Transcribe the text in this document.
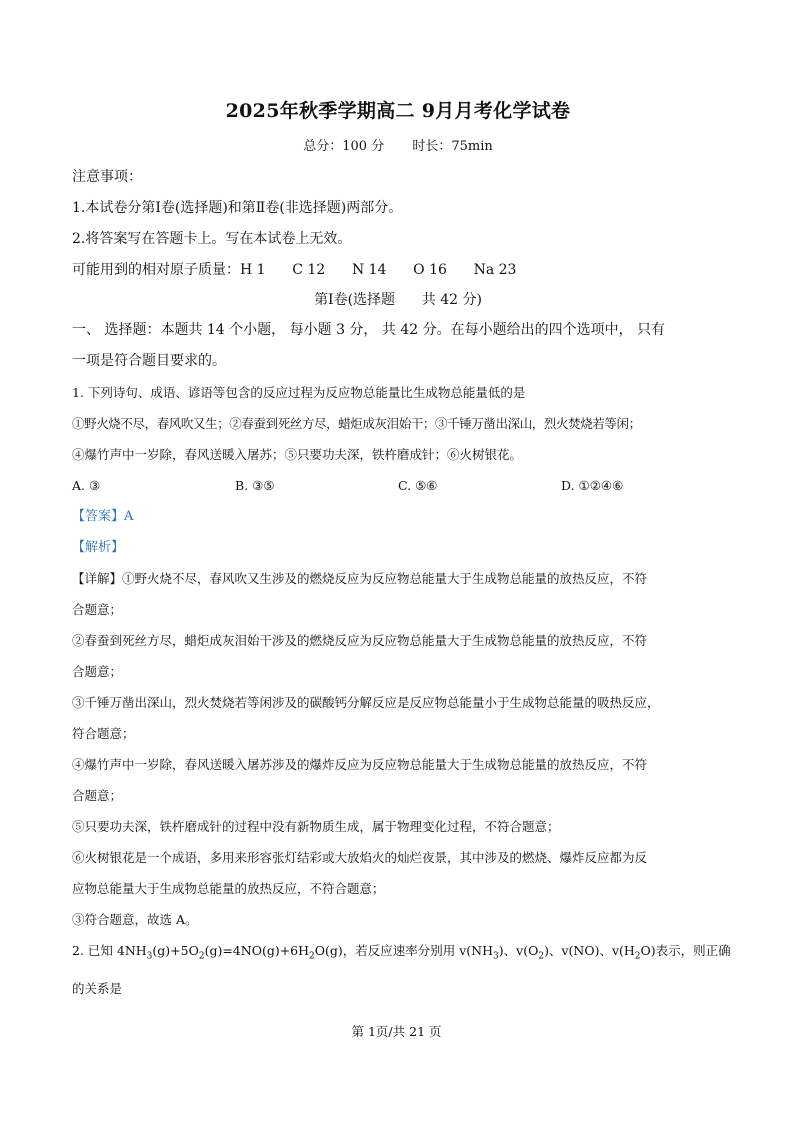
2025年秋季学期高二 9月月考化学试卷
总分：100 分 时长：75min
注意事项：
1.本试卷分第Ⅰ卷(选择题)和第Ⅱ卷(非选择题)两部分。
2.将答案写在答题卡上。写在本试卷上无效。
可能用到的相对原子质量：H 1      C 12      N 14      O 16      Na 23
第Ⅰ卷(选择题      共 42 分)
一、 选择题：本题共 14 个小题， 每小题 3 分， 共 42 分。在每小题给出的四个选项中， 只有
一项是符合题目要求的。
1. 下列诗句、成语、谚语等包含的反应过程为反应物总能量比生成物总能量低的是
①野火烧不尽，春风吹又生；②春蚕到死丝方尽，蜡炬成灰泪始干；③千锤万凿出深山，烈火焚烧若等闲；
④爆竹声中一岁除，春风送暖入屠苏；⑤只要功夫深，铁杵磨成针；⑥火树银花。
A. ③	B. ③⑤	C. ⑤⑥	D. ①②④⑥
【答案】A
【解析】
【详解】①野火烧不尽，春风吹又生涉及的燃烧反应为反应物总能量大于生成物总能量的放热反应，不符
合题意；
②春蚕到死丝方尽，蜡炬成灰泪始干涉及的燃烧反应为反应物总能量大于生成物总能量的放热反应，不符
合题意；
③千锤万凿出深山，烈火焚烧若等闲涉及的碳酸钙分解反应是反应物总能量小于生成物总能量的吸热反应，
符合题意；
④爆竹声中一岁除，春风送暖入屠苏涉及的爆炸反应为反应物总能量大于生成物总能量的放热反应，不符
合题意；
⑤只要功夫深，铁杵磨成针的过程中没有新物质生成，属于物理变化过程，不符合题意；
⑥火树银花是一个成语，多用来形容张灯结彩或大放焰火的灿烂夜景，其中涉及的燃烧、爆炸反应都为反
应物总能量大于生成物总能量的放热反应，不符合题意；
③符合题意，故选 A。
2. 已知 $4NH_3(g)+5O_2(g)=4NO(g)+6H_2O(g)$，若反应速率分别用 $v(NH_3)$、$v(O_2)$、v(NO)、$v(H_2O)$表示，则正确
的关系是
第 1页/共 21 页
